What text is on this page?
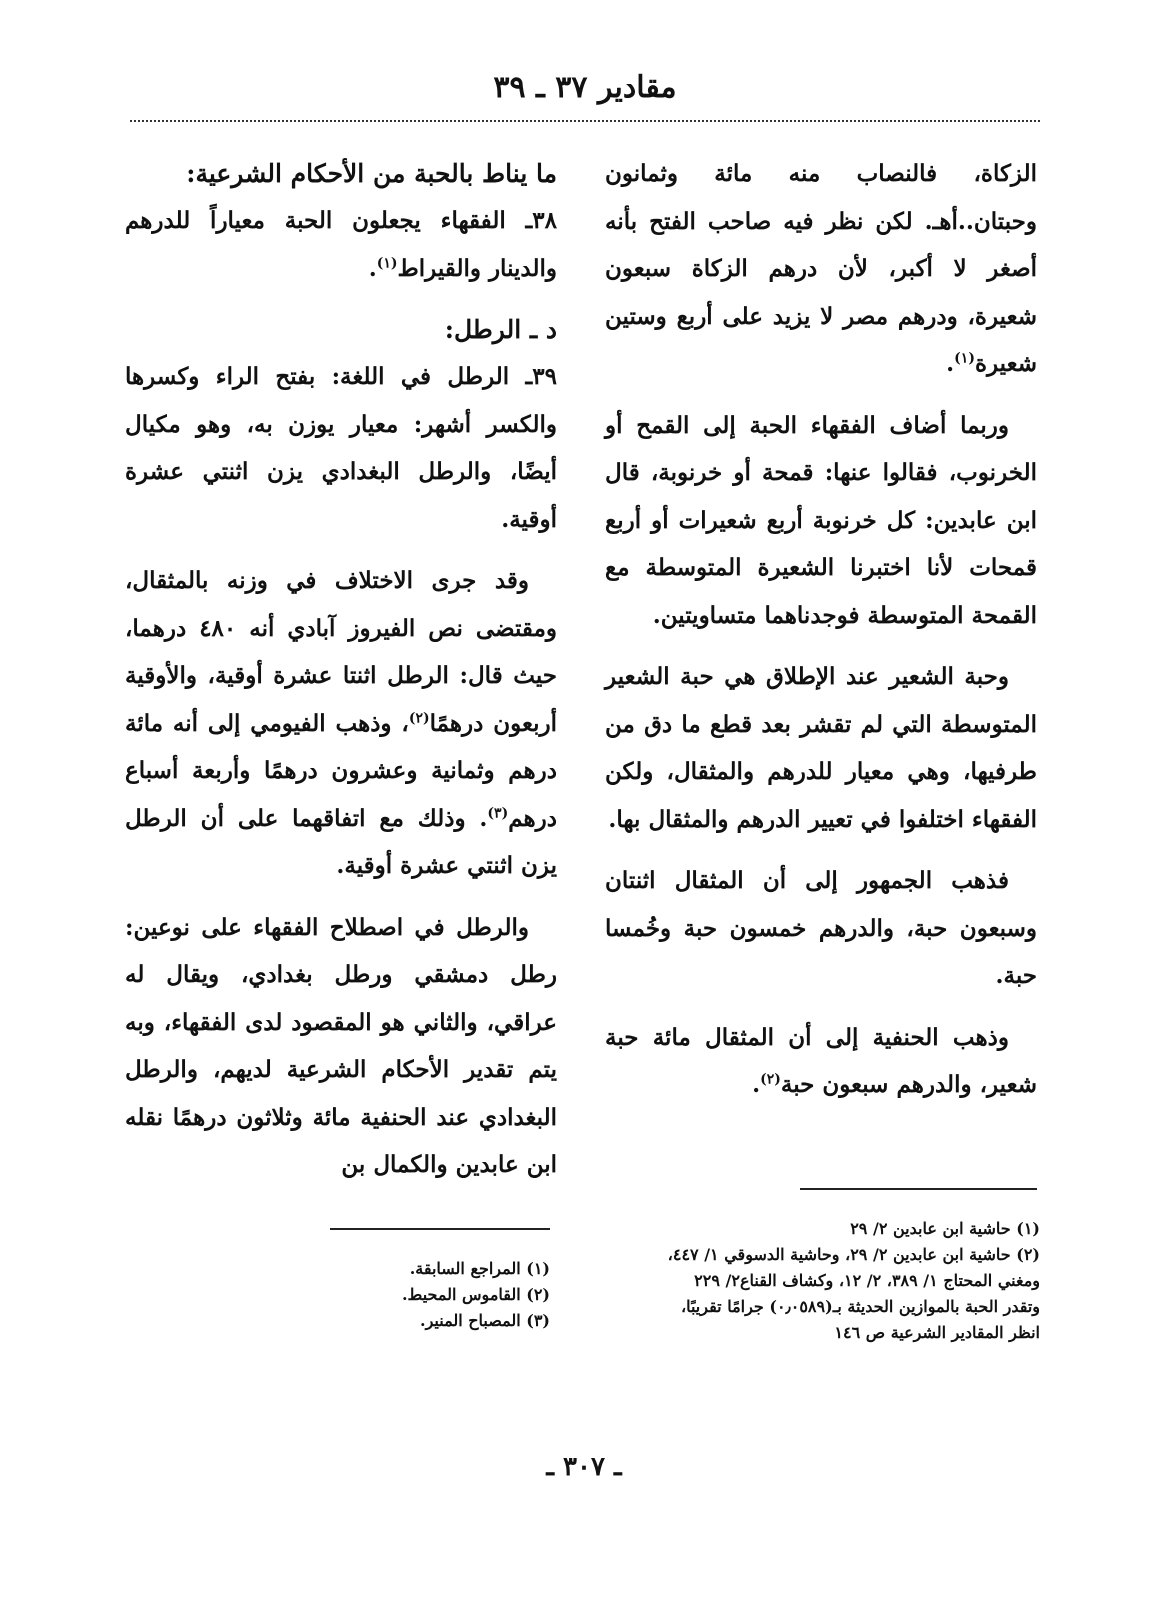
مقادير ٣٧ ـ ٣٩

الزكاة، فالنصاب منه مائة وثمانون وحبتان..أهـ. لكن نظر فيه صاحب الفتح بأنه أصغر لا أكبر، لأن درهم الزكاة سبعون شعيرة، ودرهم مصر لا يزيد على أربع وستين شعيرة$^{(١)}$.

وربما أضاف الفقهاء الحبة إلى القمح أو الخرنوب، فقالوا عنها: قمحة أو خرنوبة، قال ابن عابدين: كل خرنوبة أربع شعيرات أو أربع قمحات لأنا اختبرنا الشعيرة المتوسطة مع القمحة المتوسطة فوجدناهما متساويتين.

وحبة الشعير عند الإطلاق هي حبة الشعير المتوسطة التي لم تقشر بعد قطع ما دق من طرفيها، وهي معيار للدرهم والمثقال، ولكن الفقهاء اختلفوا في تعيير الدرهم والمثقال بها.

فذهب الجمهور إلى أن المثقال اثنتان وسبعون حبة، والدرهم خمسون حبة وخُمسا حبة.

وذهب الحنفية إلى أن المثقال مائة حبة شعير، والدرهم سبعون حبة$^{(٢)}$.

ما يناط بالحبة من الأحكام الشرعية:

٣٨ـ الفقهاء يجعلون الحبة معياراً للدرهم والدينار والقيراط$^{(١)}$.

د ـ الرطل:

٣٩ـ الرطل في اللغة: بفتح الراء وكسرها والكسر أشهر: معيار يوزن به، وهو مكيال أيضًا، والرطل البغدادي يزن اثنتي عشرة أوقية.

وقد جرى الاختلاف في وزنه بالمثقال، ومقتضى نص الفيروز آبادي أنه ٤٨٠ درهما، حيث قال: الرطل اثنتا عشرة أوقية، والأوقية أربعون درهمًا$^{(٢)}$، وذهب الفيومي إلى أنه مائة درهم وثمانية وعشرون درهمًا وأربعة أسباع درهم$^{(٣)}$. وذلك مع اتفاقهما على أن الرطل يزن اثنتي عشرة أوقية.

والرطل في اصطلاح الفقهاء على نوعين: رطل دمشقي ورطل بغدادي، ويقال له عراقي، والثاني هو المقصود لدى الفقهاء، وبه يتم تقدير الأحكام الشرعية لديهم، والرطل البغدادي عند الحنفية مائة وثلاثون درهمًا نقله ابن عابدين والكمال بن

(١) حاشية ابن عابدين ٢/ ٢٩
(٢) حاشية ابن عابدين ٢/ ٢٩، وحاشية الدسوقي ١/ ٤٤٧،
ومغني المحتاج ١/ ٣٨٩، ٢/ ١٢، وكشاف القناع٢/ ٢٢٩
وتقدر الحبة بالموازين الحديثة بـ(٠٫٠٥٨٩) جرامًا تقريبًا،
انظر المقادير الشرعية ص ١٤٦
(١) المراجع السابقة.
(٢) القاموس المحيط.
(٣) المصباح المنير.
ـ ٣٠٧ ـ
